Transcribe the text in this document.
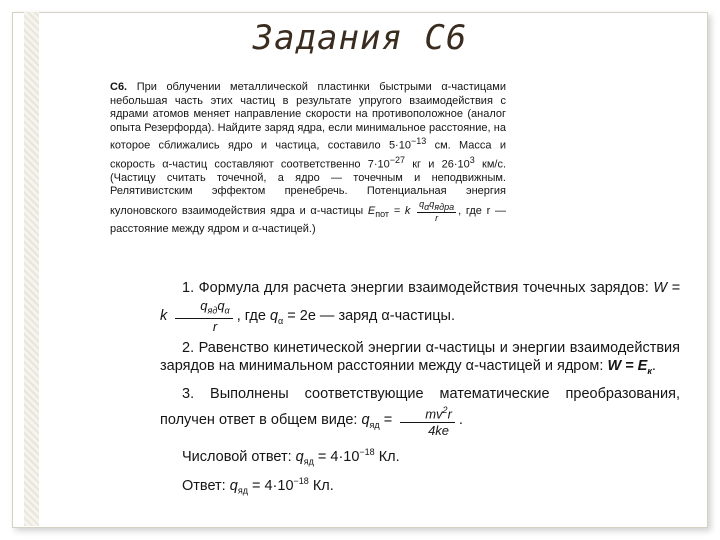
Задания С6
С6. При облучении металлической пластинки быстрыми α-частицами небольшая часть этих частиц в результате упругого взаимодействия с ядрами атомов меняет направление скорости на противоположное (аналог опыта Резерфорда). Найдите заряд ядра, если минимальное расстояние, на которое сближались ядро и частица, составило $5\cdot 10^{-13}$ см. Масса и скорость α-частиц составляют соответственно $7\cdot 10^{-27}$ кг и $26\cdot 10^3$ км/с. (Частицу считать точечной, а ядро — точечным и неподвижным. Релятивистским эффектом пренебречь. Потенциальная энергия кулоновского взаимодействия ядра и α-частицы $E_{пот} = k \frac{q_\alpha q_{ядра}}{r}$ , где r — расстояние между ядром и α-частицей.)

1. Формула для расчета энергии взаимодействия точечных зарядов: W = k $\frac{q_{яд}q_\alpha}{r}$ , где $q_\alpha = 2e$ — заряд α-частицы.

2. Равенство кинетической энергии α-частицы и энергии взаимодействия зарядов на минимальном расстоянии между α-частицей и ядром: $W = E_к$.

3. Выполнены соответствующие математические преобразования, получен ответ в общем виде: $q_{яд} = \frac{mv^2r}{4ke}$ .

Числовой ответ: $q_{яд} = 4\cdot 10^{-18}$ Кл.

Ответ: $q_{яд} = 4\cdot 10^{-18}$ Кл.
